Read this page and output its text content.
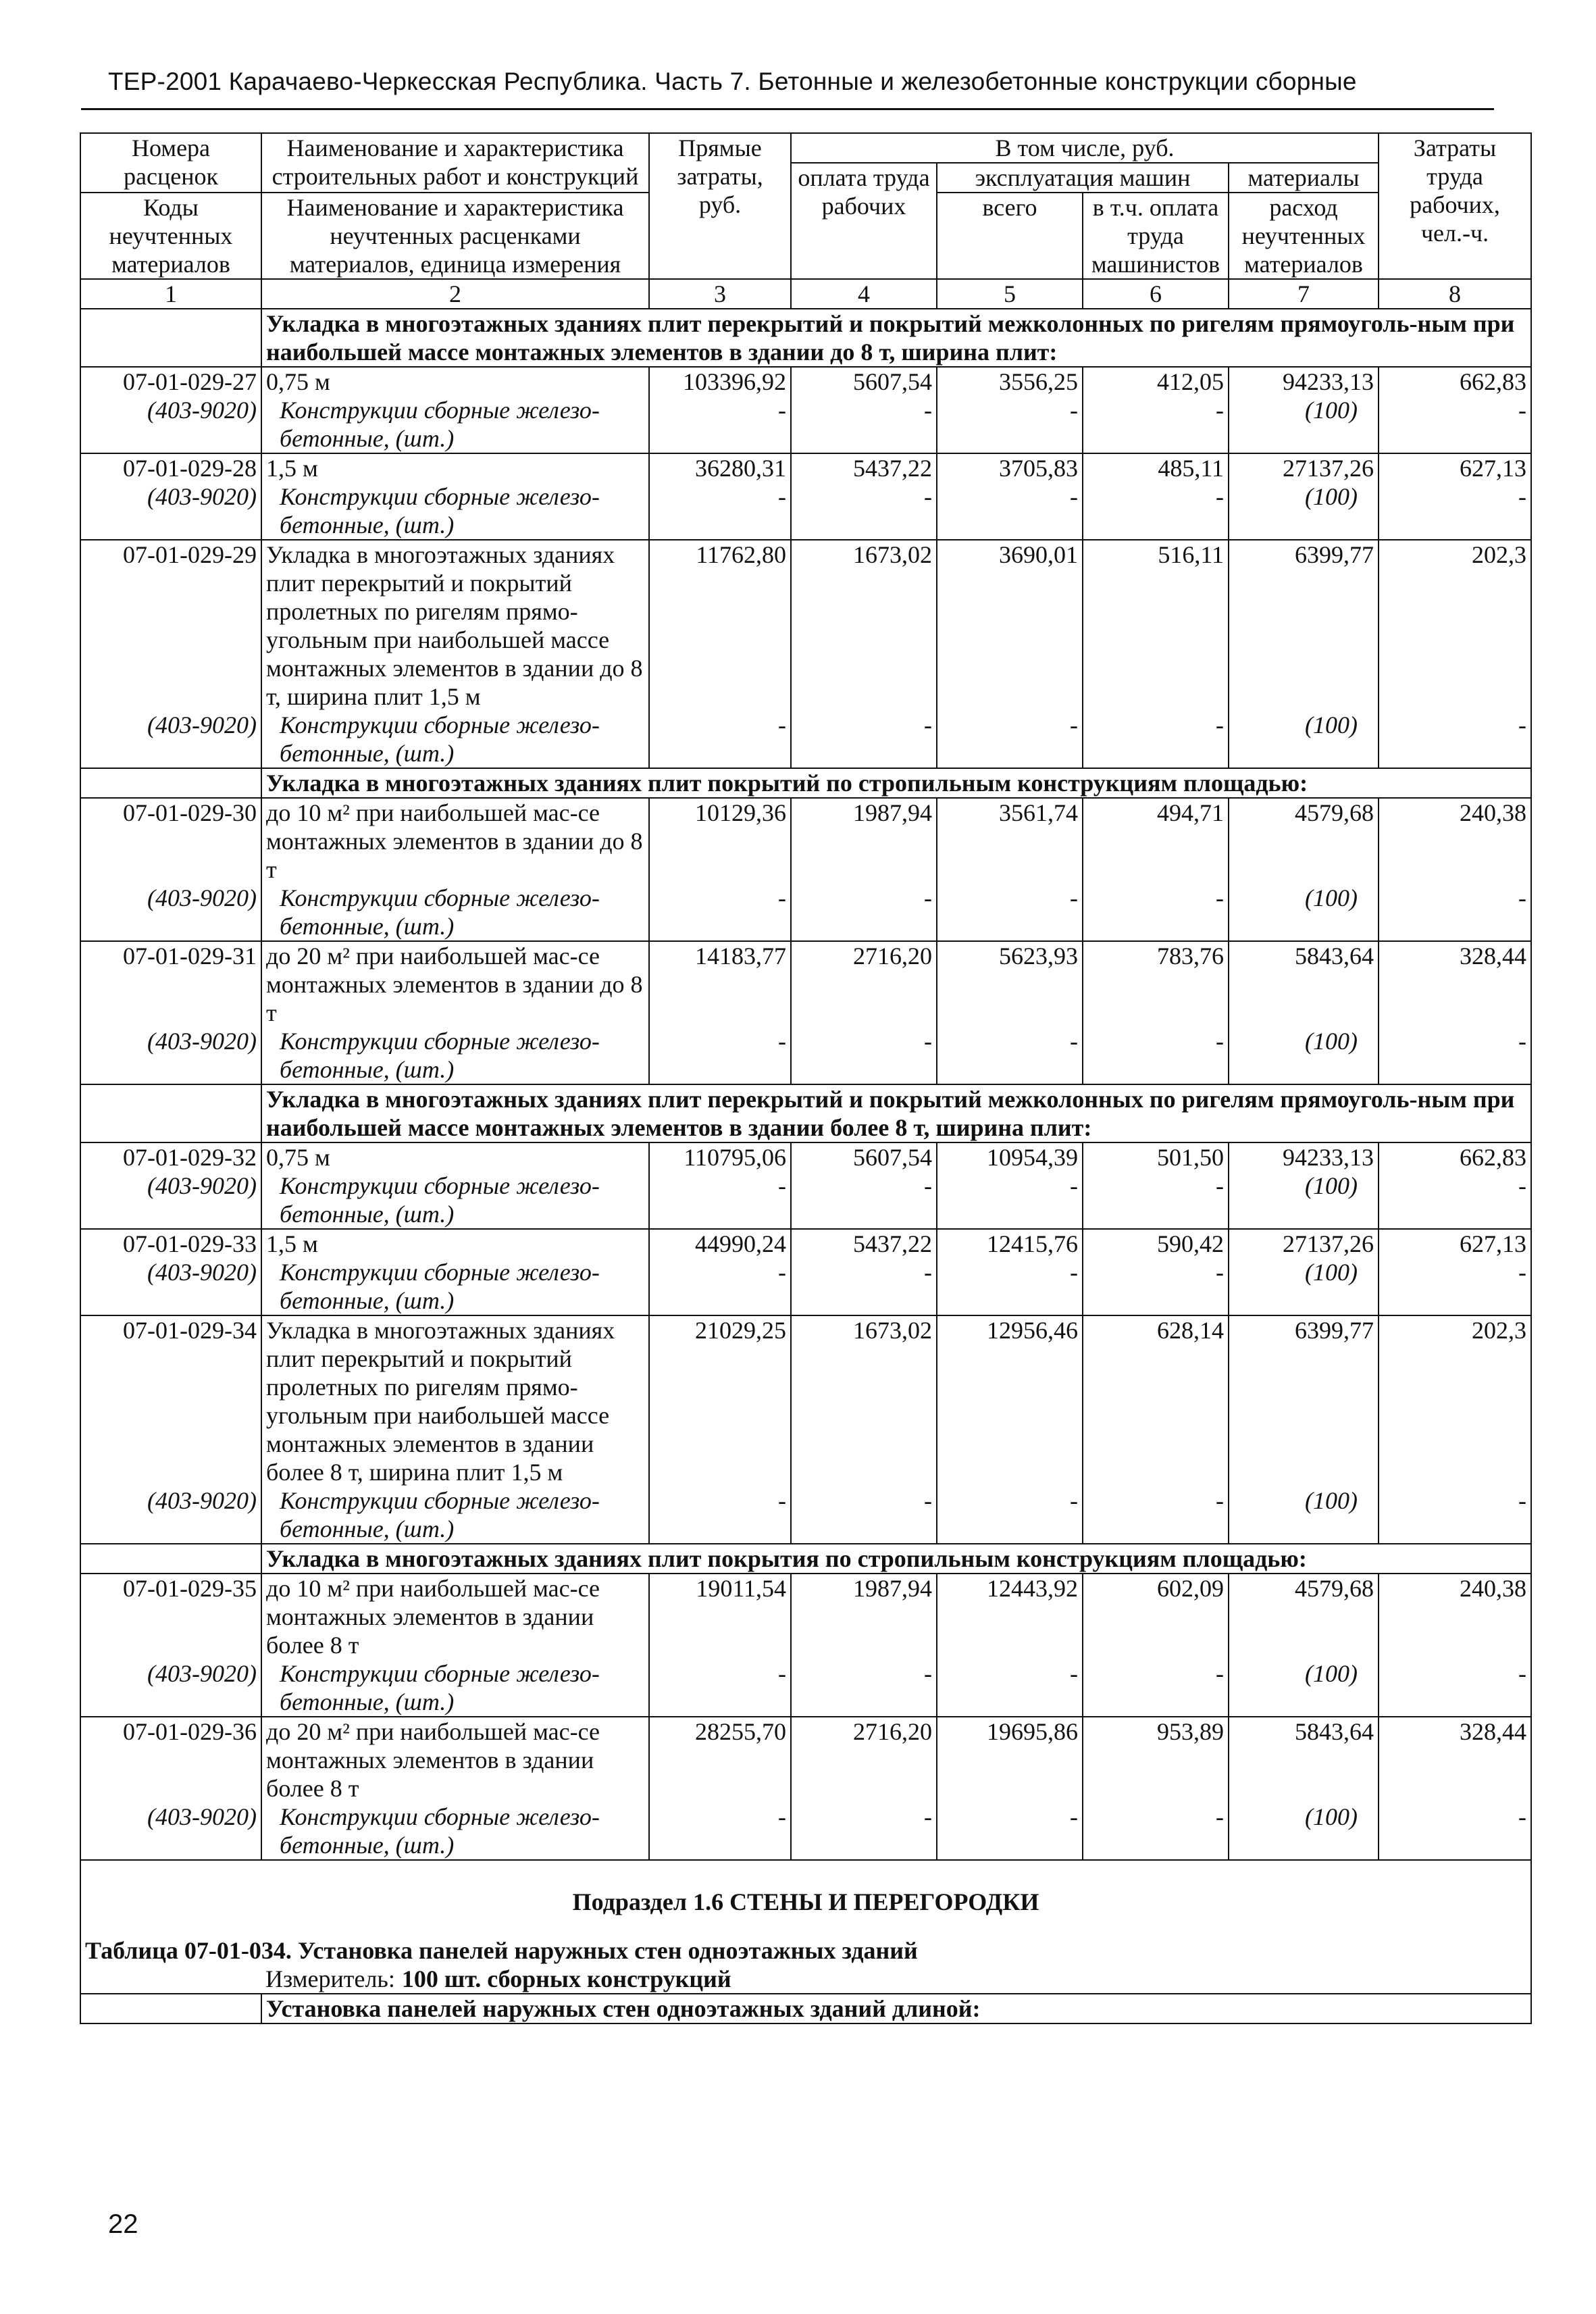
ТЕР-2001 Карачаево-Черкесская Республика. Часть 7. Бетонные и железобетонные конструкции сборные
Номера расценок	Наименование и характеристика строительных работ и конструкций	Прямые затраты, руб.	В том числе, руб.				Затраты труда рабочих, чел.-ч.
			оплата труда рабочих	эксплуатация машин		материалы	
Коды неучтенных материалов	Наименование и характеристика неучтенных расценками материалов, единица измерения			всего	в т.ч. оплата труда машинистов	расход неучтенных материалов	

1	2	3	4	5	6	7	8
	Укладка в многоэтажных зданиях плит перекрытий и покрытий межколонных по ригелям прямоуголь-ным при наибольшей массе монтажных элементов в здании до 8 т, ширина плит:						
07-01-029-27	0,75 м	103396,92	5607,54	3556,25	412,05	94233,13	662,83
(403-9020)	Конструкции сборные железо-бетонные, (шт.)	-	-	-	-	(100)	-
07-01-029-28	1,5 м	36280,31	5437,22	3705,83	485,11	27137,26	627,13
(403-9020)	Конструкции сборные железо-бетонные, (шт.)	-	-	-	-	(100)	-
07-01-029-29	Укладка в многоэтажных зданиях плит перекрытий и покрытий пролетных по ригелям прямо-угольным при наибольшей массе монтажных элементов в здании до 8 т, ширина плит 1,5 м	11762,80	1673,02	3690,01	516,11	6399,77	202,3
(403-9020)	Конструкции сборные железо-бетонные, (шт.)	-	-	-	-	(100)	-
	Укладка в многоэтажных зданиях плит покрытий по стропильным конструкциям площадью:						
07-01-029-30	до 10 м² при наибольшей мас-се монтажных элементов в здании до 8 т	10129,36	1987,94	3561,74	494,71	4579,68	240,38
(403-9020)	Конструкции сборные железо-бетонные, (шт.)	-	-	-	-	(100)	-
07-01-029-31	до 20 м² при наибольшей мас-се монтажных элементов в здании до 8 т	14183,77	2716,20	5623,93	783,76	5843,64	328,44
(403-9020)	Конструкции сборные железо-бетонные, (шт.)	-	-	-	-	(100)	-
	Укладка в многоэтажных зданиях плит перекрытий и покрытий межколонных по ригелям прямоуголь-ным при наибольшей массе монтажных элементов в здании более 8 т, ширина плит:						
07-01-029-32	0,75 м	110795,06	5607,54	10954,39	501,50	94233,13	662,83
(403-9020)	Конструкции сборные железо-бетонные, (шт.)	-	-	-	-	(100)	-
07-01-029-33	1,5 м	44990,24	5437,22	12415,76	590,42	27137,26	627,13
(403-9020)	Конструкции сборные железо-бетонные, (шт.)	-	-	-	-	(100)	-
07-01-029-34	Укладка в многоэтажных зданиях плит перекрытий и покрытий пролетных по ригелям прямо-угольным при наибольшей массе монтажных элементов в здании более 8 т, ширина плит 1,5 м	21029,25	1673,02	12956,46	628,14	6399,77	202,3
(403-9020)	Конструкции сборные железо-бетонные, (шт.)	-	-	-	-	(100)	-
	Укладка в многоэтажных зданиях плит покрытия по стропильным конструкциям площадью:						
07-01-029-35	до 10 м² при наибольшей мас-се монтажных элементов в здании более 8 т	19011,54	1987,94	12443,92	602,09	4579,68	240,38
(403-9020)	Конструкции сборные железо-бетонные, (шт.)	-	-	-	-	(100)	-
07-01-029-36	до 20 м² при наибольшей мас-се монтажных элементов в здании более 8 т	28255,70	2716,20	19695,86	953,89	5843,64	328,44
(403-9020)	Конструкции сборные железо-бетонные, (шт.)	-	-	-	-	(100)	-
Подраздел 1.6 СТЕНЫ И ПЕРЕГОРОДКИ							
Таблица 07-01-034. Установка панелей наружных стен одноэтажных зданий							
	Измеритель: 100 шт. сборных конструкций						
	Установка панелей наружных стен одноэтажных зданий длиной:						
22
